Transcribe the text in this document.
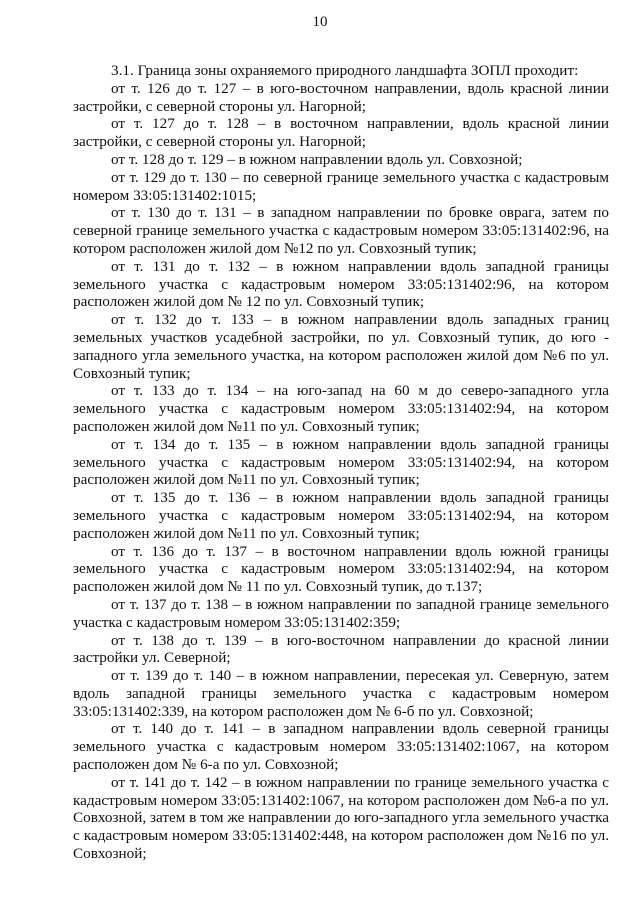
10

3.1. Граница зоны охраняемого природного ландшафта ЗОПЛ проходит:

от т. 126 до т. 127 – в юго-восточном направлении, вдоль красной линии застройки, с северной стороны ул. Нагорной;

от т. 127 до т. 128 – в восточном направлении, вдоль красной линии застройки, с северной стороны ул. Нагорной;

от т. 128 до т. 129 – в южном направлении вдоль ул. Совхозной;

от т. 129 до т. 130 – по северной границе земельного участка с кадастровым номером 33:05:131402:1015;

от т. 130 до т. 131 – в западном направлении по бровке оврага, затем по северной границе земельного участка с кадастровым номером 33:05:131402:96, на котором расположен жилой дом №12 по ул. Совхозный тупик;

от т. 131 до т. 132 – в южном направлении вдоль западной границы земельного участка с кадастровым номером 33:05:131402:96, на котором расположен жилой дом № 12 по ул. Совхозный тупик;

от т. 132 до т. 133 – в южном направлении вдоль западных границ земельных участков усадебной застройки, по ул. Совхозный тупик, до юго - западного угла земельного участка, на котором расположен жилой дом №6 по ул. Совхозный тупик;

от т. 133 до т. 134 – на юго-запад на 60 м до северо-западного угла земельного участка с кадастровым номером 33:05:131402:94, на котором расположен жилой дом №11 по ул. Совхозный тупик;

от т. 134 до т. 135 – в южном направлении вдоль западной границы земельного участка с кадастровым номером 33:05:131402:94, на котором расположен жилой дом №11 по ул. Совхозный тупик;

от т. 135 до т. 136 – в южном направлении вдоль западной границы земельного участка с кадастровым номером 33:05:131402:94, на котором расположен жилой дом №11 по ул. Совхозный тупик;

от т. 136 до т. 137 – в восточном направлении вдоль южной границы земельного участка с кадастровым номером 33:05:131402:94, на котором расположен жилой дом № 11 по ул. Совхозный тупик, до т.137;

от т. 137 до т. 138 – в южном направлении по западной границе земельного участка с кадастровым номером 33:05:131402:359;

от т. 138 до т. 139 – в юго-восточном направлении до красной линии застройки ул. Северной;

от т. 139 до т. 140 – в южном направлении, пересекая ул. Северную, затем вдоль западной границы земельного участка с кадастровым номером 33:05:131402:339, на котором расположен дом № 6-б по ул. Совхозной;

от т. 140 до т. 141 – в западном направлении вдоль северной границы земельного участка с кадастровым номером 33:05:131402:1067, на котором расположен дом № 6-а по ул. Совхозной;

от т. 141 до т. 142 – в южном направлении по границе земельного участка с кадастровым номером 33:05:131402:1067, на котором расположен дом №6-а по ул. Совхозной, затем в том же направлении до юго-западного угла земельного участка с кадастровым номером 33:05:131402:448, на котором расположен дом №16 по ул. Совхозной;
